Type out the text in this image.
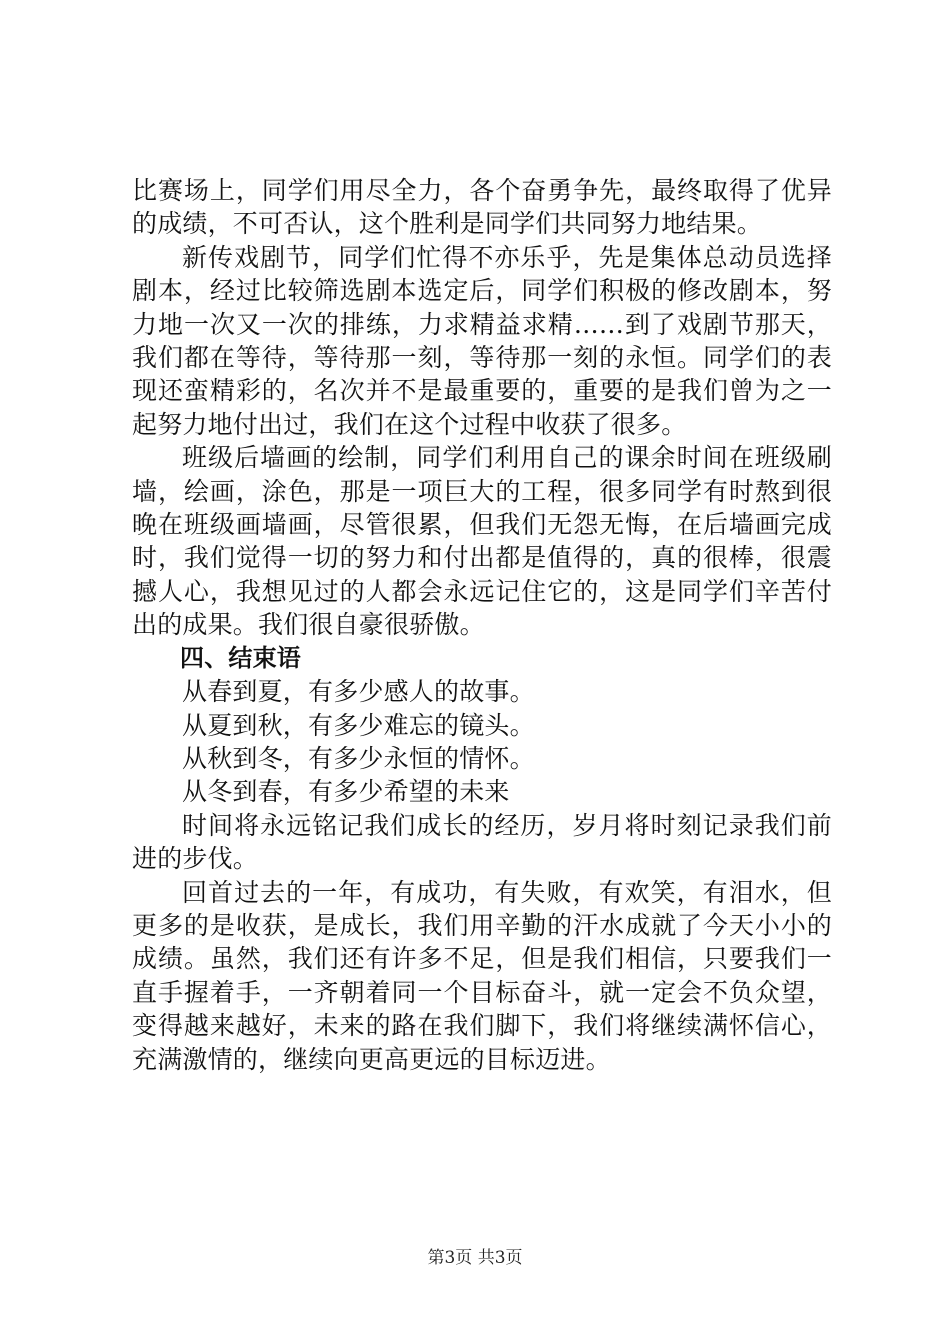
比赛场上，同学们用尽全力，各个奋勇争先，最终取得了优异的成绩，不可否认，这个胜利是同学们共同努力地结果。

新传戏剧节，同学们忙得不亦乐乎，先是集体总动员选择剧本，经过比较筛选剧本选定后，同学们积极的修改剧本，努力地一次又一次的排练，力求精益求精……到了戏剧节那天，我们都在等待，等待那一刻，等待那一刻的永恒。同学们的表现还蛮精彩的，名次并不是最重要的，重要的是我们曾为之一起努力地付出过，我们在这个过程中收获了很多。

班级后墙画的绘制，同学们利用自己的课余时间在班级刷墙，绘画，涂色，那是一项巨大的工程，很多同学有时熬到很晚在班级画墙画，尽管很累，但我们无怨无悔，在后墙画完成时，我们觉得一切的努力和付出都是值得的，真的很棒，很震撼人心，我想见过的人都会永远记住它的，这是同学们辛苦付出的成果。我们很自豪很骄傲。

四、结束语

从春到夏，有多少感人的故事。

从夏到秋，有多少难忘的镜头。

从秋到冬，有多少永恒的情怀。

从冬到春，有多少希望的未来

时间将永远铭记我们成长的经历，岁月将时刻记录我们前进的步伐。

回首过去的一年，有成功，有失败，有欢笑，有泪水，但更多的是收获，是成长，我们用辛勤的汗水成就了今天小小的成绩。虽然，我们还有许多不足，但是我们相信，只要我们一直手握着手，一齐朝着同一个目标奋斗，就一定会不负众望，变得越来越好，未来的路在我们脚下，我们将继续满怀信心，充满激情的，继续向更高更远的目标迈进。

第3页 共3页
